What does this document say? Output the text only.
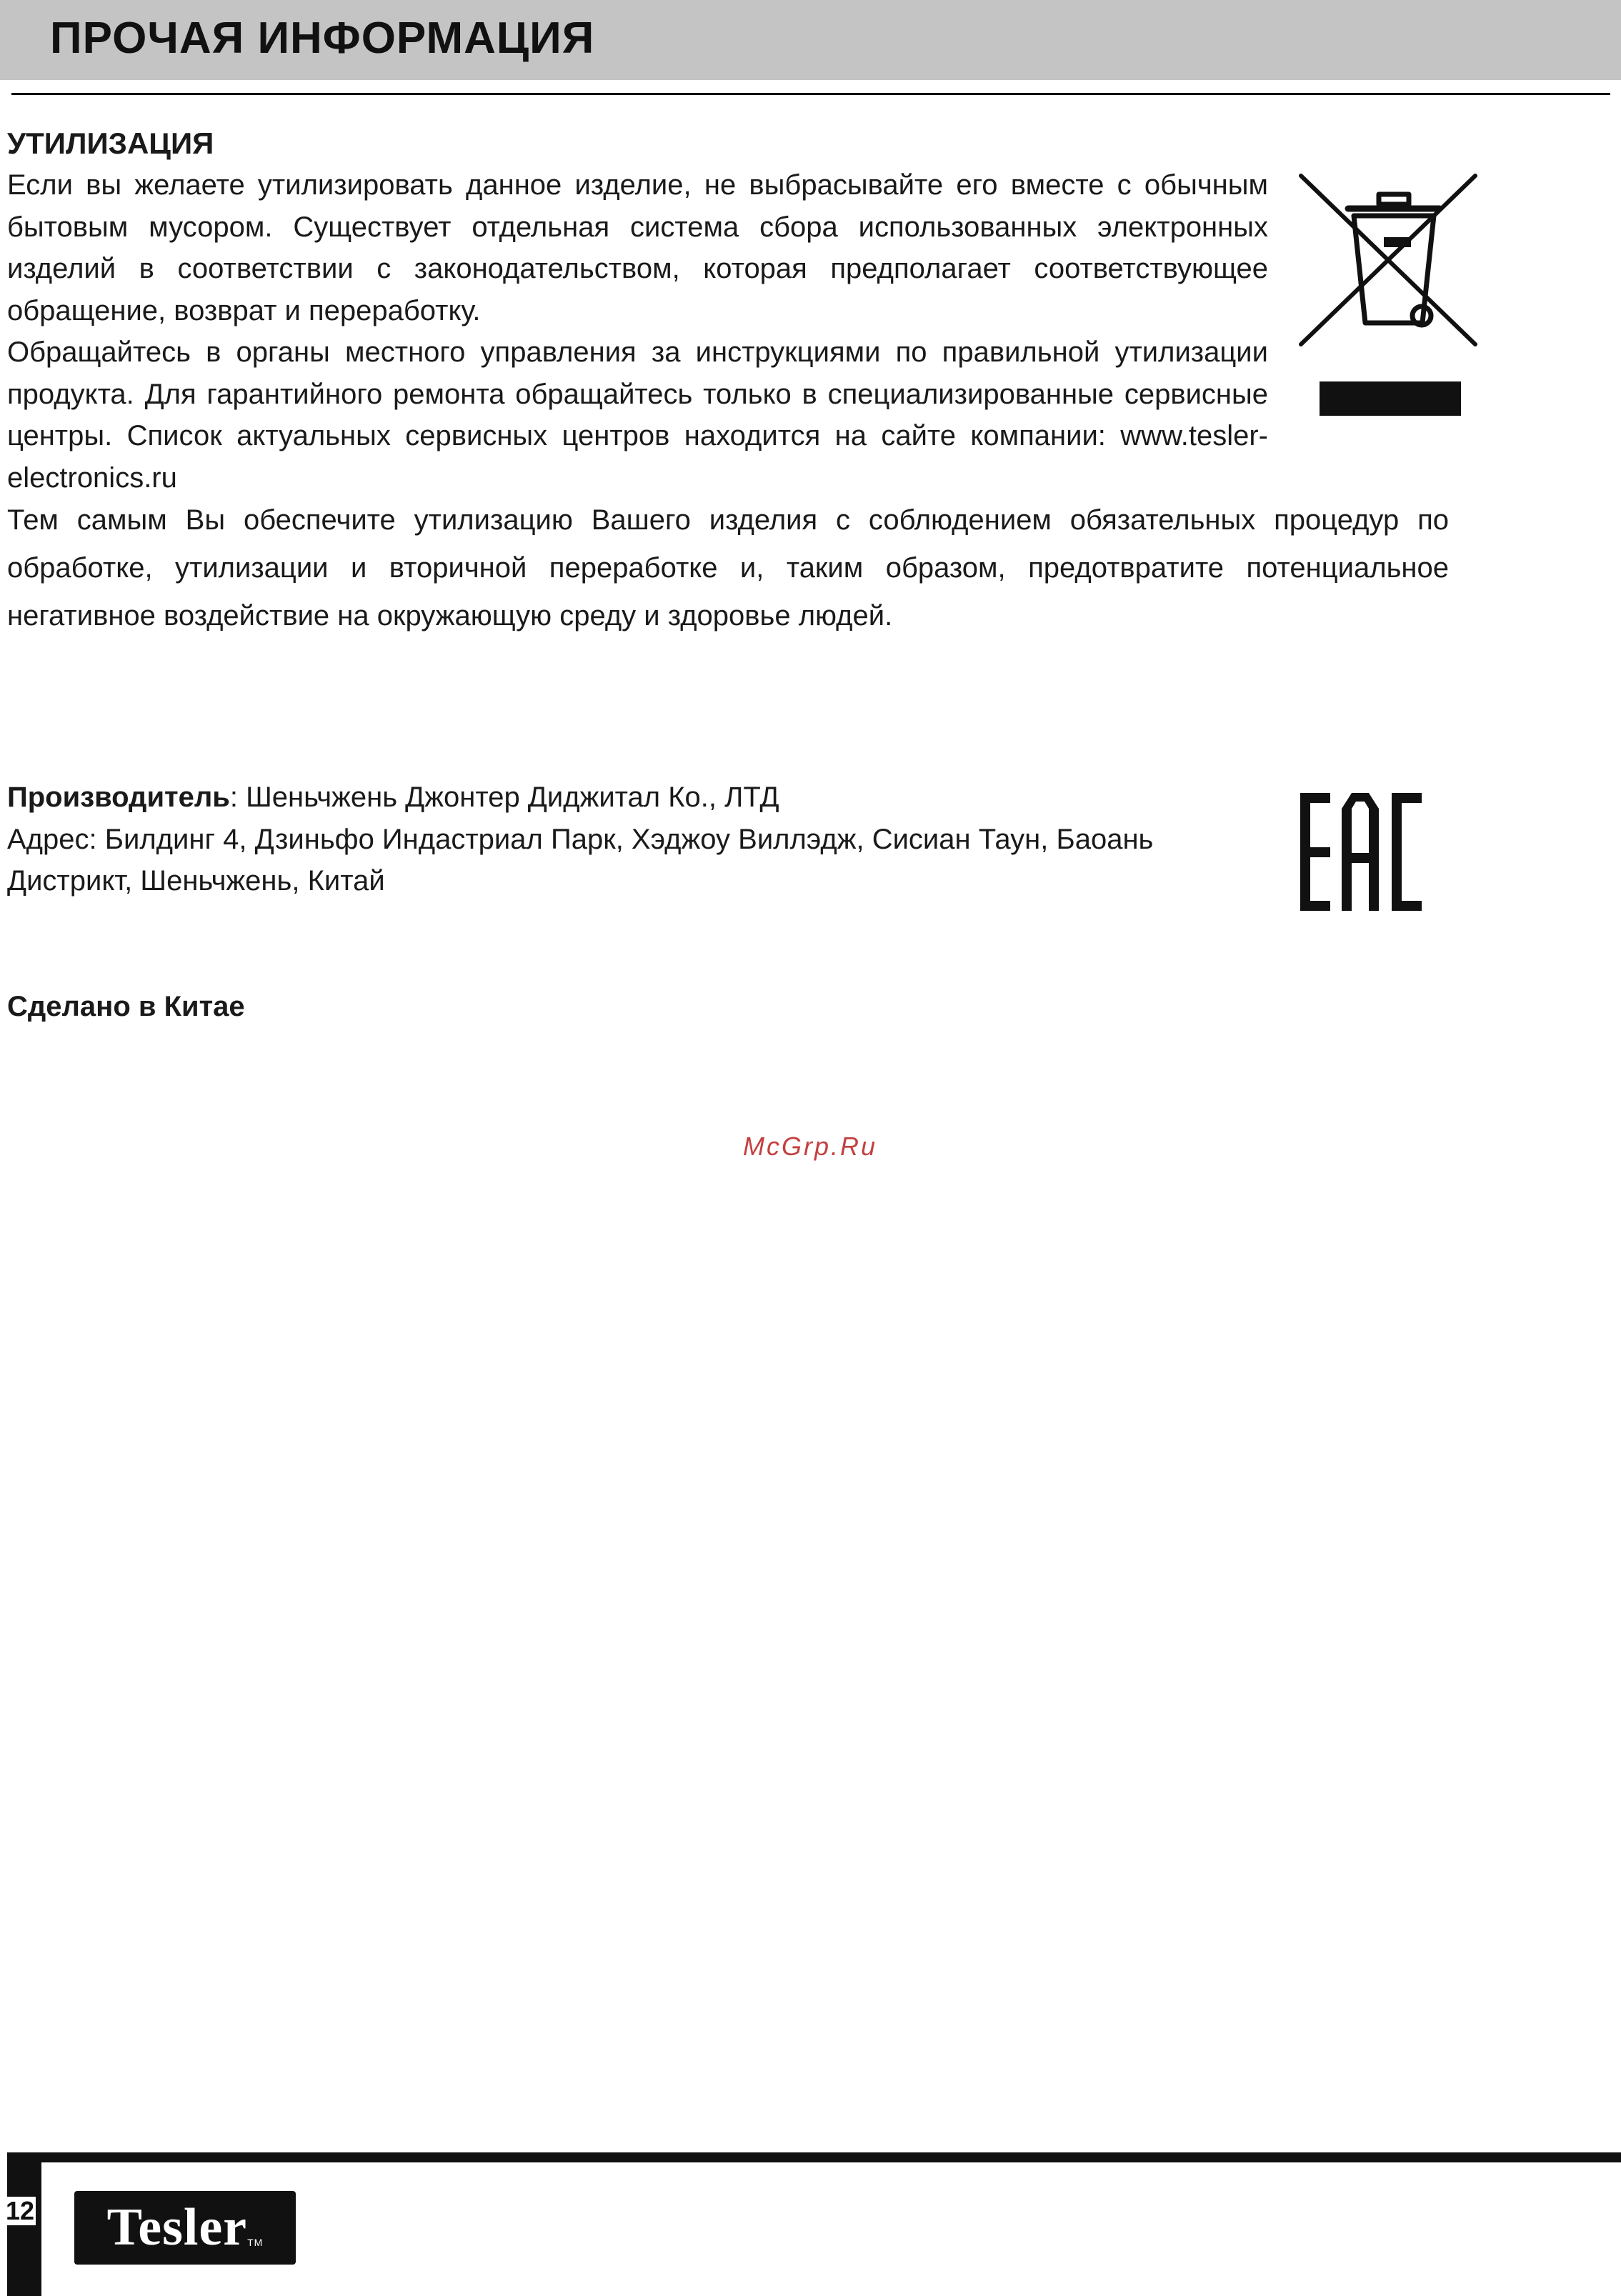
ПРОЧАЯ ИНФОРМАЦИЯ
УТИЛИЗАЦИЯ

Если вы желаете утилизировать данное изделие, не выбрасывайте его вместе с обычным бытовым мусором. Существует отдельная система сбора использованных электронных изделий в соответствии с законодательством, которая предполагает соответствующее обращение, возврат и переработку.

Обращайтесь в органы местного управления за инструкциями по правильной утилизации продукта. Для гарантийного ремонта обращайтесь только в специализированные сервисные центры. Список актуальных сервисных центров находится на сайте компании: www.tesler-electronics.ru

Тем самым Вы обеспечите утилизацию Вашего изделия с соблюдением обязательных процедур по обработке, утилизации и вторичной переработке и, таким образом, предотвратите потенциальное негативное воздействие на окружающую среду и здоровье людей.

Производитель: Шеньчжень Джонтер Диджитал Ко., ЛТД
Адрес: Билдинг 4, Дзиньфо Индастриал Парк, Хэджоу Виллэдж, Сисиан Таун, Баоань Дистрикт, Шеньчжень, Китай

Сделано в Китае
McGrp.Ru
12 Tesler$_{TM}$
